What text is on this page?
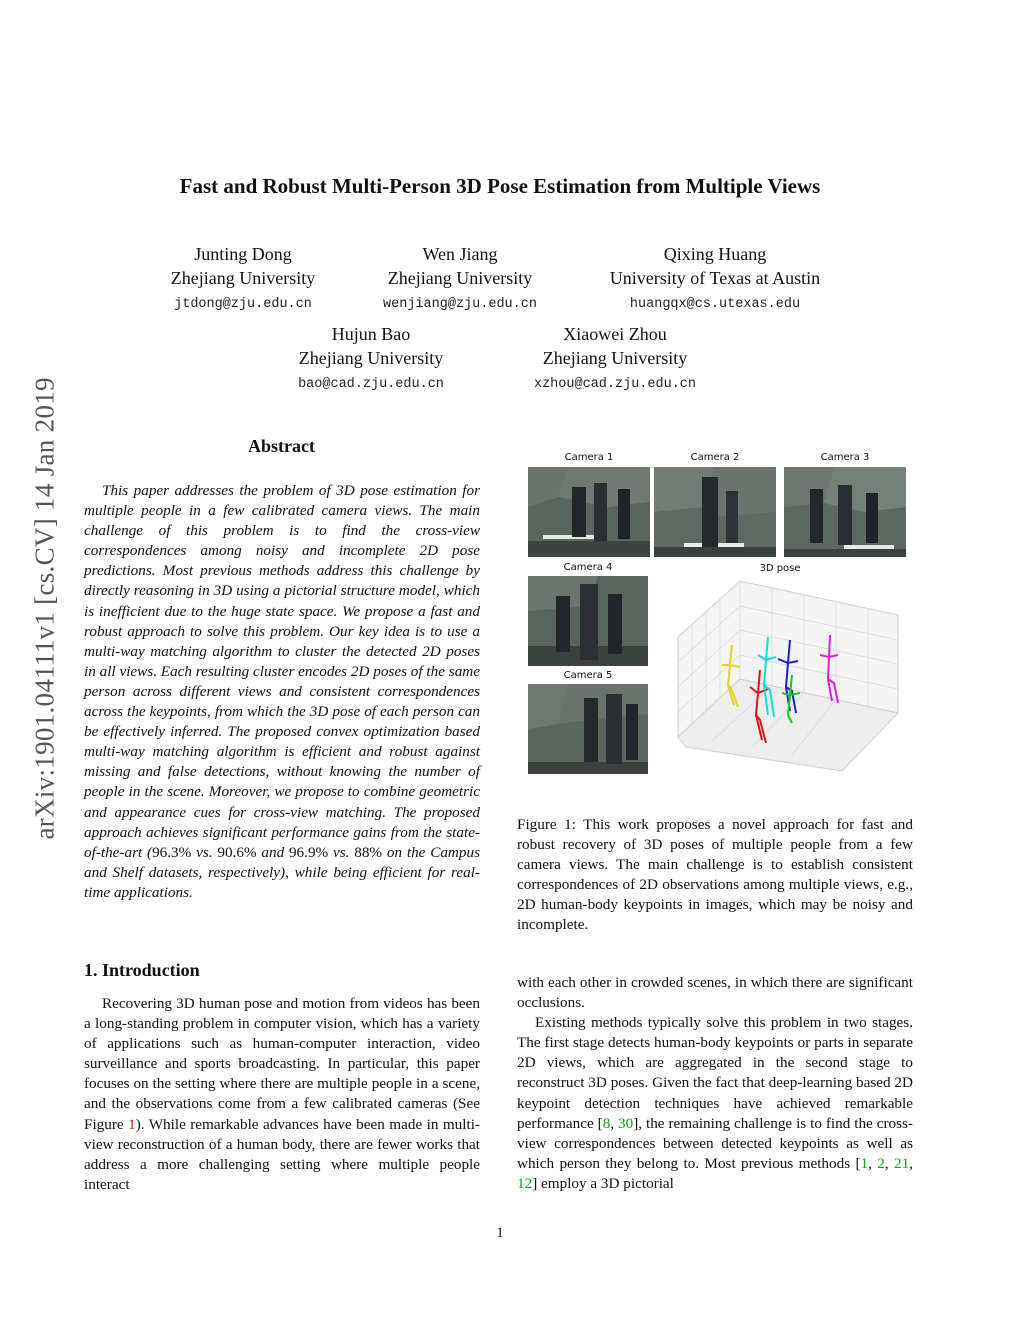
arXiv:1901.04111v1 [cs.CV] 14 Jan 2019
Fast and Robust Multi-Person 3D Pose Estimation from Multiple Views
Junting Dong
Zhejiang University
jtdong@zju.edu.cn
Wen Jiang
Zhejiang University
wenjiang@zju.edu.cn
Qixing Huang
University of Texas at Austin
huangqx@cs.utexas.edu
Hujun Bao
Zhejiang University
bao@cad.zju.edu.cn
Xiaowei Zhou
Zhejiang University
xzhou@cad.zju.edu.cn
Abstract

This paper addresses the problem of 3D pose estimation for multiple people in a few calibrated camera views. The main challenge of this problem is to find the cross-view correspondences among noisy and incomplete 2D pose predictions. Most previous methods address this challenge by directly reasoning in 3D using a pictorial structure model, which is inefficient due to the huge state space. We propose a fast and robust approach to solve this problem. Our key idea is to use a multi-way matching algorithm to cluster the detected 2D poses in all views. Each resulting cluster encodes 2D poses of the same person across different views and consistent correspondences across the keypoints, from which the 3D pose of each person can be effectively inferred. The proposed convex optimization based multi-way matching algorithm is efficient and robust against missing and false detections, without knowing the number of people in the scene. Moreover, we propose to combine geometric and appearance cues for cross-view matching. The proposed approach achieves significant performance gains from the state-of-the-art (96.3% vs. 90.6% and 96.9% vs. 88% on the Campus and Shelf datasets, respectively), while being efficient for real-time applications.

Camera 1	Camera 2	Camera 3
Camera 4
Camera 5
3D pose
Figure 1: This work proposes a novel approach for fast and robust recovery of 3D poses of multiple people from a few camera views. The main challenge is to establish consistent correspondences of 2D observations among multiple views, e.g., 2D human-body keypoints in images, which may be noisy and incomplete.
1. Introduction

Recovering 3D human pose and motion from videos has been a long-standing problem in computer vision, which has a variety of applications such as human-computer interaction, video surveillance and sports broadcasting. In particular, this paper focuses on the setting where there are multiple people in a scene, and the observations come from a few calibrated cameras (See Figure 1). While remarkable advances have been made in multi-view reconstruction of a human body, there are fewer works that address a more challenging setting where multiple people interact

with each other in crowded scenes, in which there are significant occlusions.

Existing methods typically solve this problem in two stages. The first stage detects human-body keypoints or parts in separate 2D views, which are aggregated in the second stage to reconstruct 3D poses. Given the fact that deep-learning based 2D keypoint detection techniques have achieved remarkable performance [8, 30], the remaining challenge is to find the cross-view correspondences between detected keypoints as well as which person they belong to. Most previous methods [1, 2, 21, 12] employ a 3D pictorial

1
